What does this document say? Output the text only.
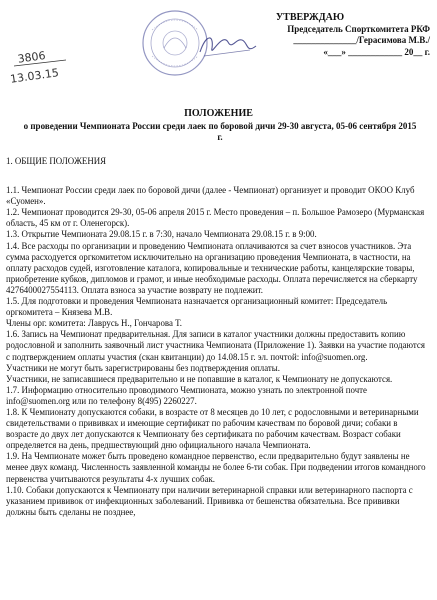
3806
13.03.15
УТВЕРЖДАЮ
Председатель Спорткомитета РКФ
______________/Герасимова М.В./
«___» ____________ 20__ г.
ПОЛОЖЕНИЕ
о проведении Чемпионата России среди лаек по боровой дичи 29-30 августа, 05-06 сентября 2015 г.

1. ОБЩИЕ ПОЛОЖЕНИЯ

1.1. Чемпионат России среди лаек по боровой дичи (далее - Чемпионат) организует и проводит ОКОО Клуб «Суомен».

1.2. Чемпионат проводится 29-30, 05-06 апреля 2015 г. Место проведения – п. Большое Рамозеро (Мурманская область, 45 км от г. Оленегорск).

1.3. Открытие Чемпионата 29.08.15 г. в 7:30, начало Чемпионата 29.08.15 г. в 9:00.

1.4. Все расходы по организации и проведению Чемпионата оплачиваются за счет взносов участников. Эта сумма расходуется оргкомитетом исключительно на организацию проведения Чемпионата, в частности, на оплату расходов судей, изготовление каталога, копировальные и технические работы, канцелярские товары, приобретение кубков, дипломов и грамот, и иные необходимые расходы. Оплата перечисляется на сберкарту 4276400027554113. Оплата взноса за участие возврату не подлежит.

1.5. Для подготовки и проведения Чемпионата назначается организационный комитет: Председатель оргкомитета – Князева М.В.

Члены орг. комитета: Лаврусь Н., Гончарова Т.

1.6. Запись на Чемпионат предварительная. Для записи в каталог участники должны предоставить копию родословной и заполнить заявочный лист участника Чемпионата (Приложение 1). Заявки на участие подаются с подтверждением оплаты участия (скан квитанции) до 14.08.15 г. эл. почтой: info@suomen.org.

Участники не могут быть зарегистрированы без подтверждения оплаты.

Участники, не записавшиеся предварительно и не попавшие в каталог, к Чемпионату не допускаются.

1.7. Информацию относительно проводимого Чемпионата, можно узнать по электронной почте info@suomen.org или по телефону 8(495) 2260227.

1.8. К Чемпионату допускаются собаки, в возрасте от 8 месяцев до 10 лет, с родословными и ветеринарными свидетельствами о прививках и имеющие сертификат по рабочим качествам по боровой дичи; собаки в возрасте до двух лет допускаются к Чемпионату без сертификата по рабочим качествам. Возраст собаки определяется на день, предшествующий дню официального начала Чемпионата.

1.9. На Чемпионате может быть проведено командное первенство, если предварительно будут заявлены не менее двух команд. Численность заявленной команды не более 6-ти собак. При подведении итогов командного первенства учитываются результаты 4-х лучших собак.

1.10. Собаки допускаются к Чемпионату при наличии ветеринарной справки или ветеринарного паспорта с указанием прививок от инфекционных заболеваний. Прививка от бешенства обязательна. Все прививки должны быть сделаны не позднее,
